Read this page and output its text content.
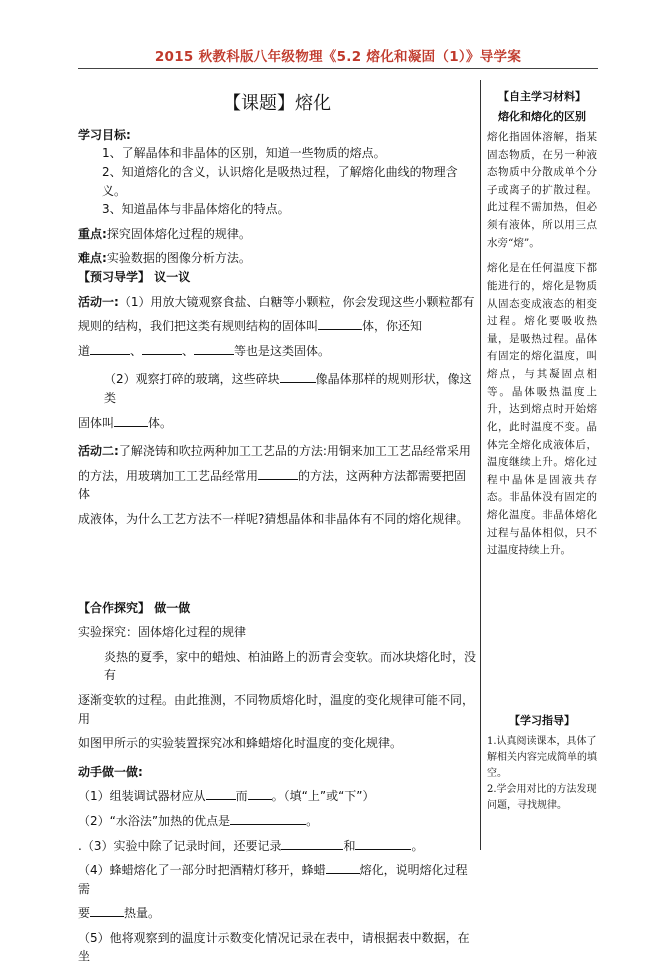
2015 秋教科版八年级物理《5.2 熔化和凝固（1）》导学案
【课题】熔化

学习目标:

1、了解晶体和非晶体的区别，知道一些物质的熔点。

2、知道熔化的含义，认识熔化是吸热过程，了解熔化曲线的物理含义。

3、知道晶体与非晶体熔化的特点。

重点:探究固体熔化过程的规律。

难点:实验数据的图像分析方法。

【预习导学】 议一议

活动一:（1）用放大镜观察食盐、白糖等小颗粒，你会发现这些小颗粒都有

规则的结构，我们把这类有规则结构的固体叫	体，你还知

道	、	、	等也是这类固体。

（2）观察打碎的玻璃，这些碎块	像晶体那样的规则形状，像这类

固体叫	体。

活动二:了解浇铸和吹拉两种加工工艺品的方法:用铜来加工工艺品经常采用

的方法，用玻璃加工工艺品经常用	的方法，这两种方法都需要把固体

成液体，为什么工艺方法不一样呢?猜想晶体和非晶体有不同的熔化规律。

【合作探究】 做一做

实验探究：固体熔化过程的规律

炎热的夏季，家中的蜡烛、柏油路上的沥青会变软。而冰块熔化时，没有

逐渐变软的过程。由此推测，不同物质熔化时，温度的变化规律可能不同，用

如图甲所示的实验装置探究冰和蜂蜡熔化时温度的变化规律。

动手做一做:

（1）组装调试器材应从	而 。（填“上”或“下”）

（2）“水浴法”加热的优点是	。

.（3）实验中除了记录时间，还要记录	和	。

（4）蜂蜡熔化了一部分时把酒精灯移开，蜂蜡	熔化，说明熔化过程需

要	热量。

（5）他将观察到的温度计示数变化情况记录在表中，请根据表中数据，在坐

【自主学习材料】
熔化和熔化的区别

熔化指固体溶解，指某固态物质，在另一种液态物质中分散成单个分子或离子的扩散过程。此过程不需加热，但必须有液体，所以用三点水旁“熔”。

熔化是在任何温度下都能进行的，熔化是物质从固态变成液态的相变过程。熔化要吸收热量，是吸热过程。晶体有固定的熔化温度，叫熔点，与其凝固点相等。晶体吸热温度上升，达到熔点时开始熔化，此时温度不变。晶体完全熔化成液体后，温度继续上升。熔化过程中晶体是固液共存态。非晶体没有固定的熔化温度。非晶体熔化过程与晶体相似，只不过温度持续上升。

【学习指导】

1.认真阅读课本，具体了解相关内容完成简单的填空。

2.学会用对比的方法发现问题，寻找规律。
